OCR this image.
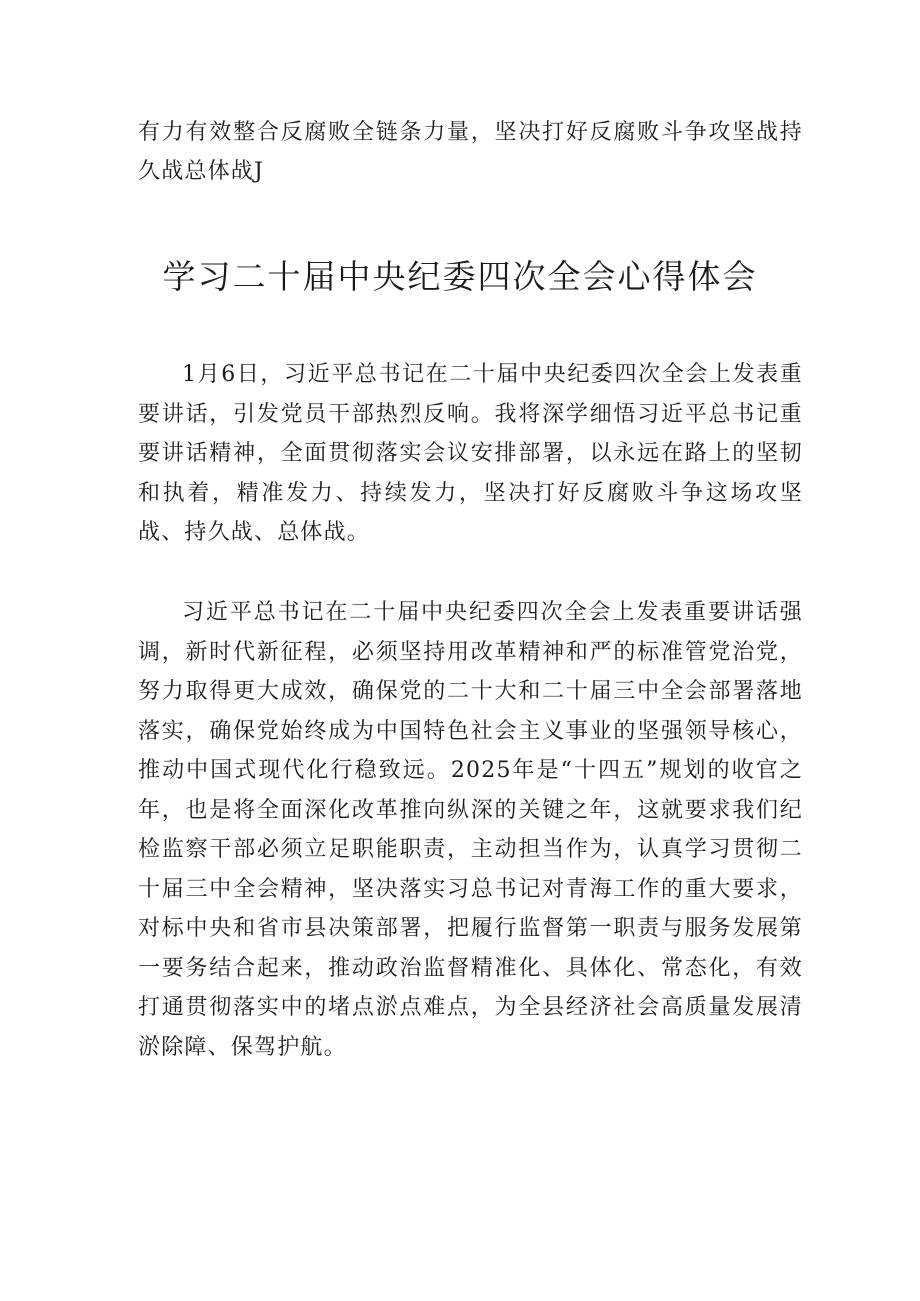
有力有效整合反腐败全链条力量，坚决打好反腐败斗争攻坚战持久战总体战J

学习二十届中央纪委四次全会心得体会

1月6日，习近平总书记在二十届中央纪委四次全会上发表重要讲话，引发党员干部热烈反响。我将深学细悟习近平总书记重要讲话精神，全面贯彻落实会议安排部署，以永远在路上的坚韧和执着，精准发力、持续发力，坚决打好反腐败斗争这场攻坚战、持久战、总体战。

习近平总书记在二十届中央纪委四次全会上发表重要讲话强调，新时代新征程，必须坚持用改革精神和严的标准管党治党，努力取得更大成效，确保党的二十大和二十届三中全会部署落地落实，确保党始终成为中国特色社会主义事业的坚强领导核心，推动中国式现代化行稳致远。2025年是“十四五”规划的收官之年，也是将全面深化改革推向纵深的关键之年，这就要求我们纪检监察干部必须立足职能职责，主动担当作为，认真学习贯彻二十届三中全会精神，坚决落实习总书记对青海工作的重大要求，对标中央和省市县决策部署，把履行监督第一职责与服务发展第一要务结合起来，推动政治监督精准化、具体化、常态化，有效打通贯彻落实中的堵点淤点难点，为全县经济社会高质量发展清淤除障、保驾护航。
